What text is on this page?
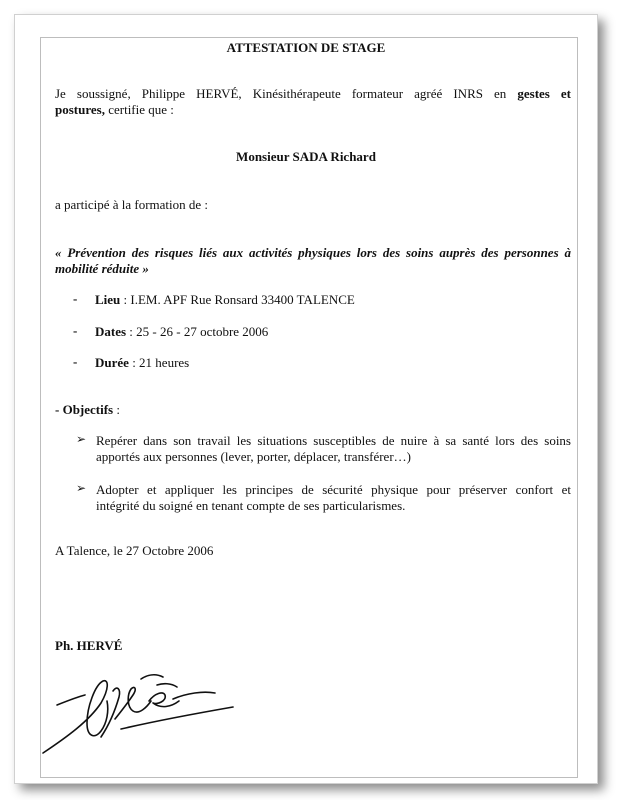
ATTESTATION DE STAGE
Je soussigné, Philippe HERVÉ, Kinésithérapeute formateur agréé INRS en gestes et
postures, certifie que :
Monsieur SADA Richard
a participé à la formation de :
« Prévention des risques liés aux activités physiques lors des soins auprès des personnes à
mobilité réduite »
- Lieu : I.EM. APF Rue Ronsard 33400 TALENCE
- Dates : 25 - 26 - 27 octobre 2006
- Durée : 21 heures
- Objectifs :
➢ Repérer dans son travail les situations susceptibles de nuire à sa santé lors des soins
apportés aux personnes (lever, porter, déplacer, transférer…)
➢ Adopter et appliquer les principes de sécurité physique pour préserver confort et
intégrité du soigné en tenant compte de ses particularismes.
A Talence, le 27 Octobre 2006
Ph. HERVÉ
